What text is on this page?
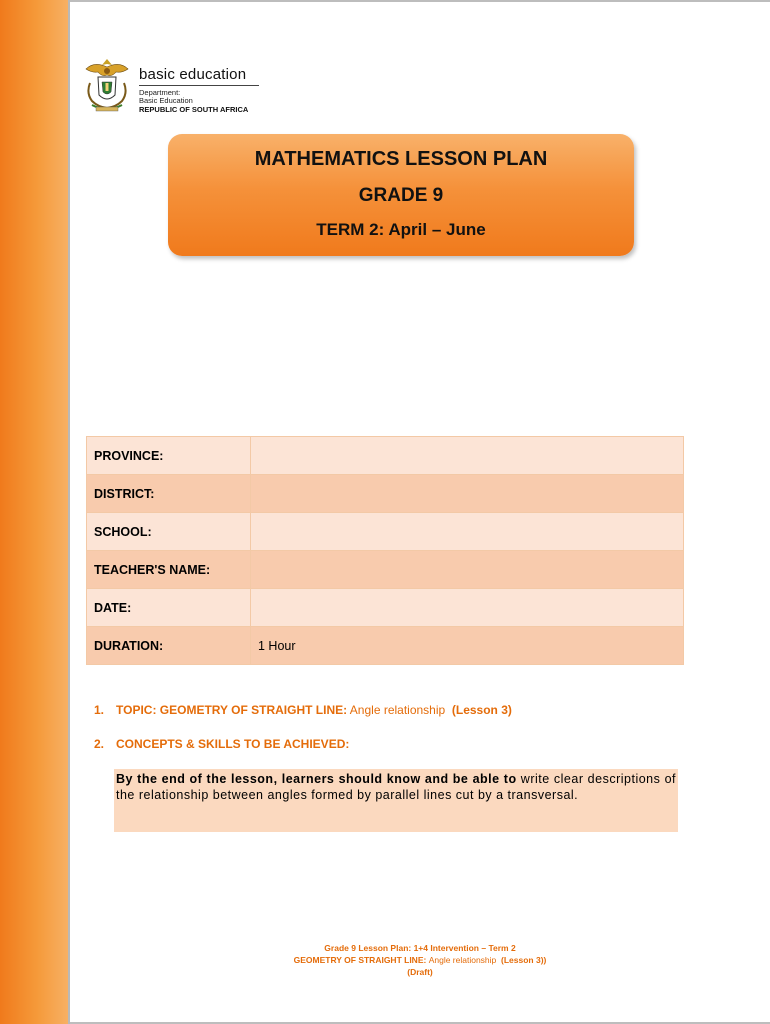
basic education
Department:
Basic Education
REPUBLIC OF SOUTH AFRICA
MATHEMATICS LESSON PLAN
GRADE 9
TERM 2: April – June
PROVINCE:	
DISTRICT:	
SCHOOL:	
TEACHER'S NAME:	
DATE:	
DURATION:	1 Hour
1. TOPIC: GEOMETRY OF STRAIGHT LINE: Angle relationship (Lesson 3)
2. CONCEPTS & SKILLS TO BE ACHIEVED:
By the end of the lesson, learners should know and be able to write clear descriptions of the relationship between angles formed by parallel lines cut by a transversal.
Grade 9 Lesson Plan: 1+4 Intervention – Term 2
GEOMETRY OF STRAIGHT LINE: Angle relationship (Lesson 3))
(Draft)
